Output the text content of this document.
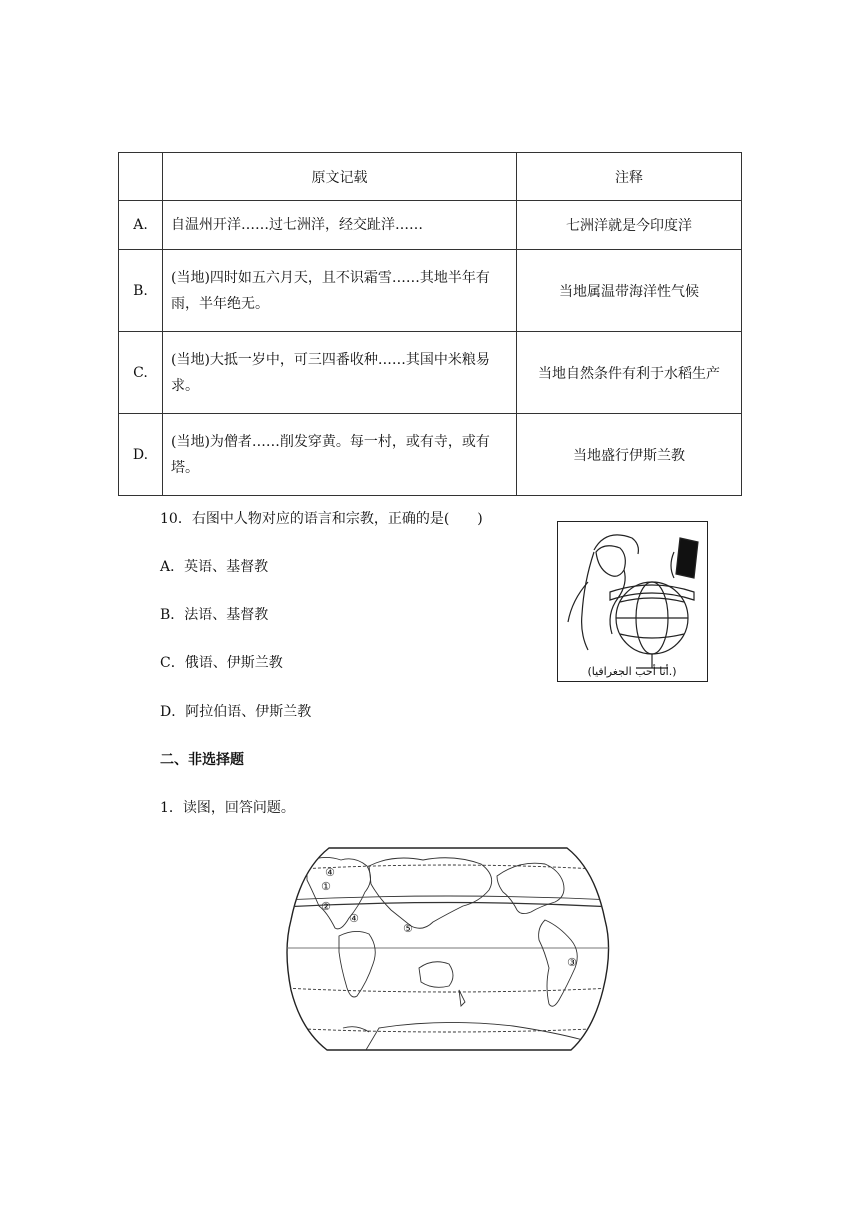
	原文记载	注释
A.	自温州开洋……过七洲洋，经交趾洋……	七洲洋就是今印度洋
B.	(当地)四时如五六月天，且不识霜雪……其地半年有雨，半年绝无。	当地属温带海洋性气候
C.	(当地)大抵一岁中，可三四番收种……其国中米粮易求。	当地自然条件有利于水稻生产
D.	(当地)为僧者……削发穿黄。每一村，或有寺，或有塔。	当地盛行伊斯兰教
10．右图中人物对应的语言和宗教，正确的是(　　)
A．英语、基督教
B．法语、基督教
C．俄语、伊斯兰教
D．阿拉伯语、伊斯兰教
(أنا أحب الجغرافيا.)
二、非选择题
1．读图，回答问题。
④
①
②
④
⑤
③
